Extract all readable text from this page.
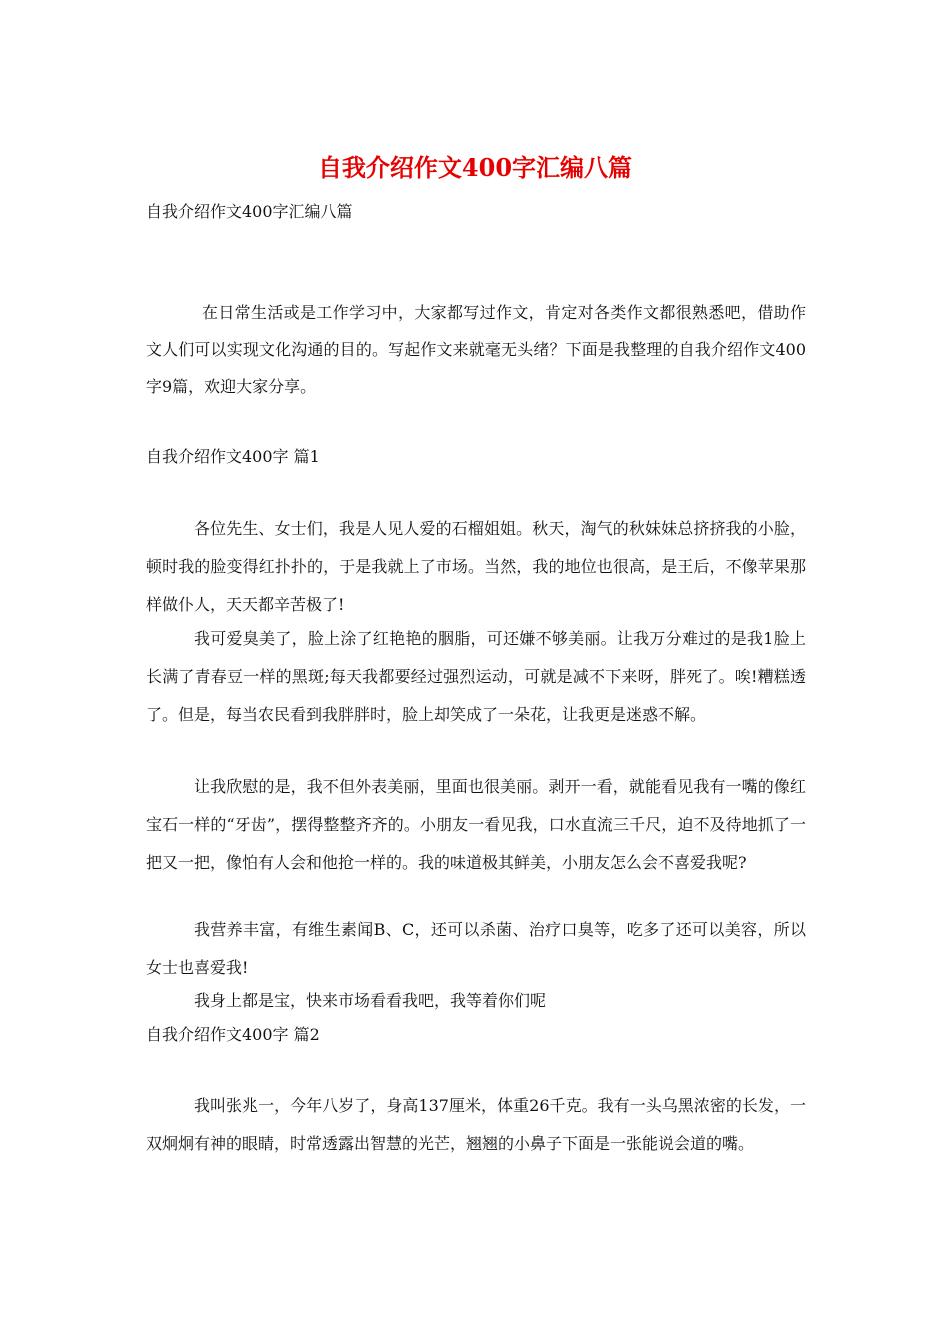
自我介绍作文400字汇编八篇
自我介绍作文400字汇编八篇
在日常生活或是工作学习中，大家都写过作文，肯定对各类作文都很熟悉吧，借助作文人们可以实现文化沟通的目的。写起作文来就毫无头绪？下面是我整理的自我介绍作文400字9篇，欢迎大家分享。
自我介绍作文400字 篇1
各位先生、女士们，我是人见人爱的石榴姐姐。秋天，淘气的秋妹妹总挤挤我的小脸，顿时我的脸变得红扑扑的，于是我就上了市场。当然，我的地位也很高，是王后，不像苹果那样做仆人，天天都辛苦极了!
我可爱臭美了，脸上涂了红艳艳的胭脂，可还嫌不够美丽。让我万分难过的是我1脸上长满了青春豆一样的黑斑;每天我都要经过强烈运动，可就是减不下来呀，胖死了。唉!糟糕透了。但是，每当农民看到我胖胖时，脸上却笑成了一朵花，让我更是迷惑不解。
让我欣慰的是，我不但外表美丽，里面也很美丽。剥开一看，就能看见我有一嘴的像红宝石一样的“牙齿”，摆得整整齐齐的。小朋友一看见我，口水直流三千尺，迫不及待地抓了一把又一把，像怕有人会和他抢一样的。我的味道极其鲜美，小朋友怎么会不喜爱我呢?
我营养丰富，有维生素闻B、C，还可以杀菌、治疗口臭等，吃多了还可以美容，所以女士也喜爱我!
我身上都是宝，快来市场看看我吧，我等着你们呢
自我介绍作文400字 篇2
我叫张兆一，今年八岁了，身高137厘米，体重26千克。我有一头乌黑浓密的长发，一双炯炯有神的眼睛，时常透露出智慧的光芒，翘翘的小鼻子下面是一张能说会道的嘴。
